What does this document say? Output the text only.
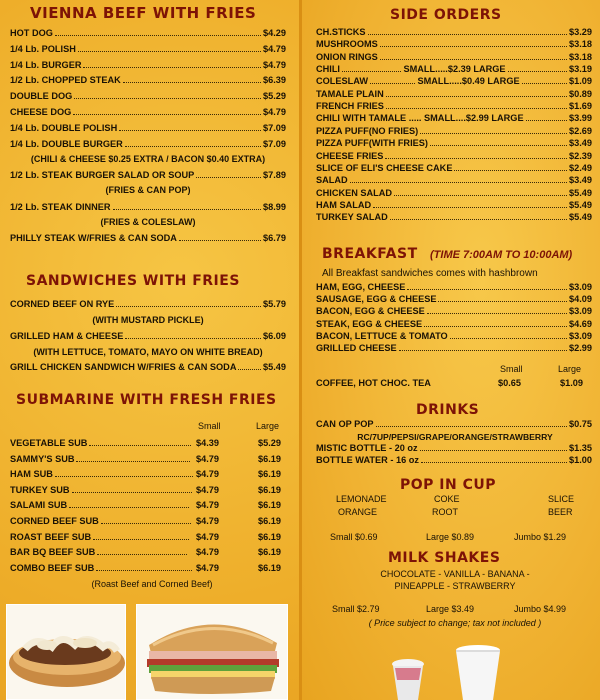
VIENNA BEEF WITH FRIES
HOT DOG	$4.29
1/4 Lb. POLISH	$4.79
1/4 Lb. BURGER	$4.79
1/2 Lb. CHOPPED STEAK	$6.39
DOUBLE DOG	$5.29
CHEESE DOG	$4.79
1/4 Lb. DOUBLE POLISH	$7.09
1/4 Lb. DOUBLE BURGER	$7.09
(CHILI & CHEESE $0.25 EXTRA / BACON $0.40 EXTRA)
1/2 Lb. STEAK BURGER SALAD OR SOUP	$7.89
(FRIES & CAN POP)
1/2 Lb. STEAK DINNER	$8.99
(FRIES & COLESLAW)
PHILLY STEAK W/FRIES & CAN SODA	$6.79
CORNED BEEF ON RYE	$5.79
(WITH MUSTARD PICKLE)
GRILLED HAM & CHEESE	$6.09
(WITH LETTUCE, TOMATO, MAYO ON WHITE BREAD)
GRILL CHICKEN SANDWICH W/FRIES & CAN SODA	$5.49
SANDWICHES WITH FRIES
SUBMARINE WITH FRESH FRIES
Small	Large
VEGETABLE SUB	$4.39	$5.29
SAMMY'S SUB	$4.79	$6.19
HAM SUB	$4.79	$6.19
TURKEY SUB	$4.79	$6.19
SALAMI SUB	$4.79	$6.19
CORNED BEEF SUB	$4.79	$6.19
ROAST BEEF SUB	$4.79	$6.19
BAR BQ BEEF SUB	$4.79	$6.19
COMBO BEEF SUB	$4.79	$6.19
(Roast Beef and Corned Beef)
SIDE ORDERS
CH.STICKS	$3.29
MUSHROOMS	$3.18
ONION RINGS	$3.18
CHILI	SMALL.....$2.39 LARGE	$3.19
COLESLAW	SMALL.....$0.49 LARGE	$1.09
TAMALE PLAIN	$0.89
FRENCH FRIES	$1.69
CHILI WITH TAMALE ..... SMALL....$2.99 LARGE	$3.99
PIZZA PUFF(NO FRIES)	$2.69
PIZZA PUFF(WITH FRIES)	$3.49
CHEESE FRIES	$2.39
SLICE OF ELI'S CHEESE CAKE	$2.49
SALAD	$3.49
CHICKEN SALAD	$5.49
HAM SALAD	$5.49
TURKEY SALAD	$5.49
BREAKFAST (TIME 7:00AM TO 10:00AM)
All Breakfast sandwiches comes with hashbrown
HAM, EGG, CHEESE	$3.09
SAUSAGE, EGG & CHEESE	$4.09
BACON, EGG & CHEESE	$3.09
STEAK, EGG & CHEESE	$4.69
BACON, LETTUCE & TOMATO	$3.09
GRILLED CHEESE	$2.99
Small	Large
COFFEE, HOT CHOC. TEA	$0.65	$1.09
DRINKS
CAN OP POP	$0.75
RC/7UP/PEPSI/GRAPE/ORANGE/STRAWBERRY
MISTIC BOTTLE - 20 oz	$1.35
BOTTLE WATER - 16 oz	$1.00
POP IN CUP
LEMONADE	COKE	SLICE
ORANGE	ROOT	BEER
Small $0.69	Large $0.89	Jumbo $1.29
MILK SHAKES
CHOCOLATE - VANILLA - BANANA -
PINEAPPLE - STRAWBERRY
Small $2.79	Large $3.49	Jumbo $4.99
( Price subject to change; tax not included )
